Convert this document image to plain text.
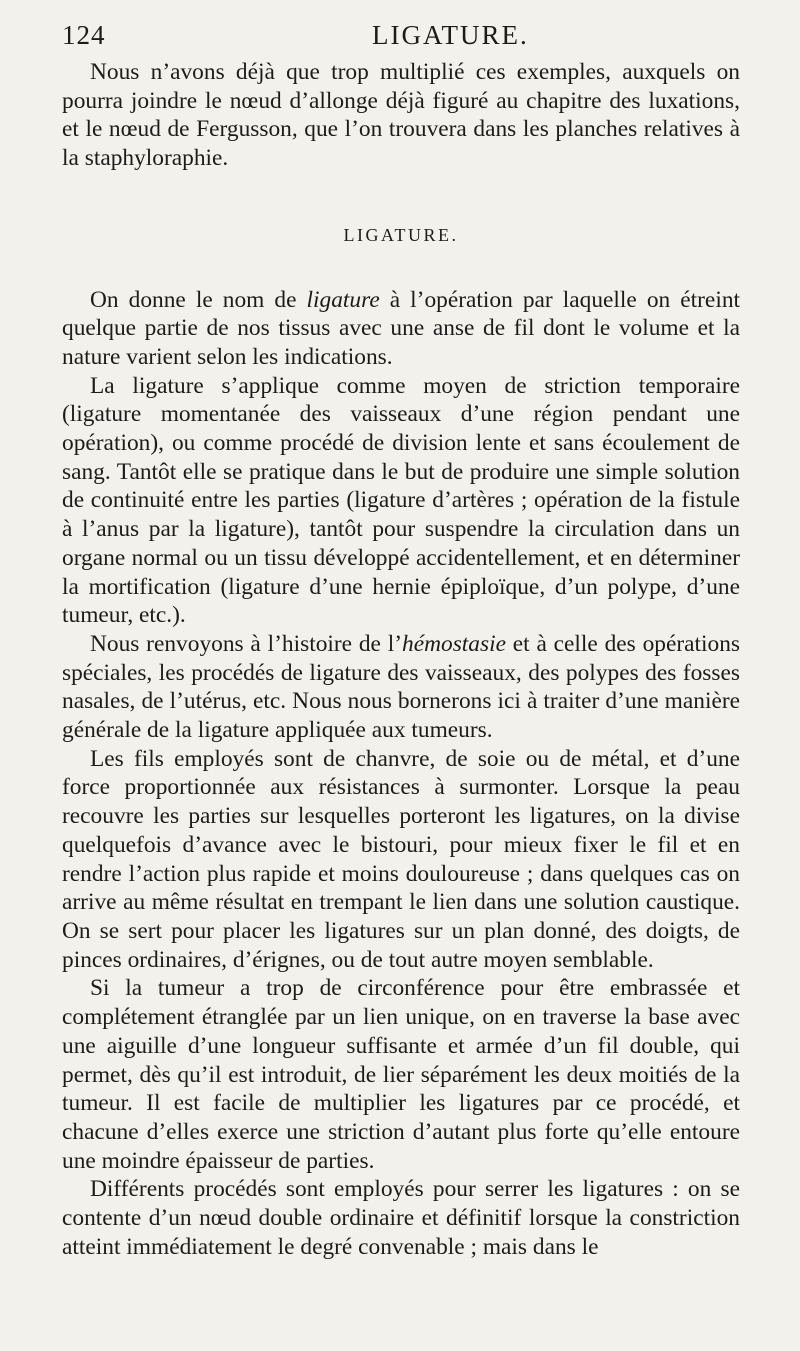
124	LIGATURE.

Nous n’avons déjà que trop multiplié ces exemples, auxquels on pourra joindre le nœud d’allonge déjà figuré au chapitre des luxations, et le nœud de Fergusson, que l’on trouvera dans les planches relatives à la staphyloraphie.

LIGATURE.

On donne le nom de ligature à l’opération par laquelle on étreint quelque partie de nos tissus avec une anse de fil dont le volume et la nature varient selon les indications.

La ligature s’applique comme moyen de striction temporaire (ligature momentanée des vaisseaux d’une région pendant une opération), ou comme procédé de division lente et sans écoulement de sang. Tantôt elle se pratique dans le but de produire une simple solution de continuité entre les parties (ligature d’artères ; opération de la fistule à l’anus par la ligature), tantôt pour suspendre la circulation dans un organe normal ou un tissu développé accidentellement, et en déterminer la mortification (ligature d’une hernie épiploïque, d’un polype, d’une tumeur, etc.).

Nous renvoyons à l’histoire de l’hémostasie et à celle des opérations spéciales, les procédés de ligature des vaisseaux, des polypes des fosses nasales, de l’utérus, etc. Nous nous bornerons ici à traiter d’une manière générale de la ligature appliquée aux tumeurs.

Les fils employés sont de chanvre, de soie ou de métal, et d’une force proportionnée aux résistances à surmonter. Lorsque la peau recouvre les parties sur lesquelles porteront les ligatures, on la divise quelquefois d’avance avec le bistouri, pour mieux fixer le fil et en rendre l’action plus rapide et moins douloureuse ; dans quelques cas on arrive au même résultat en trempant le lien dans une solution caustique. On se sert pour placer les ligatures sur un plan donné, des doigts, de pinces ordinaires, d’érignes, ou de tout autre moyen semblable.

Si la tumeur a trop de circonférence pour être embrassée et complétement étranglée par un lien unique, on en traverse la base avec une aiguille d’une longueur suffisante et armée d’un fil double, qui permet, dès qu’il est introduit, de lier séparément les deux moitiés de la tumeur. Il est facile de multiplier les ligatures par ce procédé, et chacune d’elles exerce une striction d’autant plus forte qu’elle entoure une moindre épaisseur de parties.

Différents procédés sont employés pour serrer les ligatures : on se contente d’un nœud double ordinaire et définitif lorsque la constriction atteint immédiatement le degré convenable ; mais dans le
